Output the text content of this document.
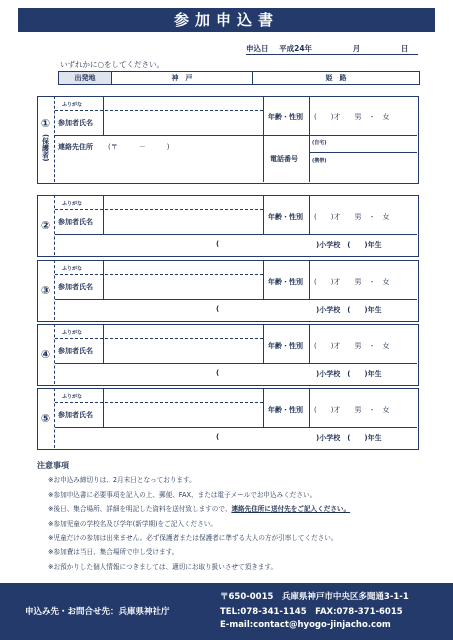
参加申込書
申込日 平成24年	月	日
いずれかに○をしてください。
出発地	神　戸	姫　路
①
(保護者)
ふりがな
参加者氏名
年齢・性別 (　　)才　　男　・　女
連絡先住所 (〒　　　－　　　)
電話番号
(自宅)
(携帯)
②
ふりがな
参加者氏名
年齢・性別 (　　)才　　男　・　女
(	)小学校　(　　)年生
③
ふりがな
参加者氏名
年齢・性別 (　　)才　　男　・　女
(	)小学校　(　　)年生
④
ふりがな
参加者氏名
年齢・性別 (　　)才　　男　・　女
(	)小学校　(　　)年生
⑤
ふりがな
参加者氏名
年齢・性別 (　　)才　　男　・　女
(	)小学校　(　　)年生
注意事項
※お申込み締切りは、2月末日となっております。
※参加申込書に必要事項を記入の上、郵便、FAX、または電子メールでお申込みください。
※後日、集合場所、詳細を明記した資料を送付致しますので、連絡先住所に送付先をご記入ください。
※参加児童の学校名及び学年(新学期)をご記入ください。
※児童だけの参加は出来ません。必ず保護者または保護者に準ずる大人の方が引率してください。
※参加費は当日、集合場所で申し受けます。
※お預かりした個人情報につきましては、適切にお取り扱いさせて頂きます。
申込み先・お問合せ先：兵庫県神社庁
〒650-0015　兵庫県神戸市中央区多聞通3-1-1
TEL:078-341-1145　FAX:078-371-6015
E-mail:contact@hyogo-jinjacho.com
